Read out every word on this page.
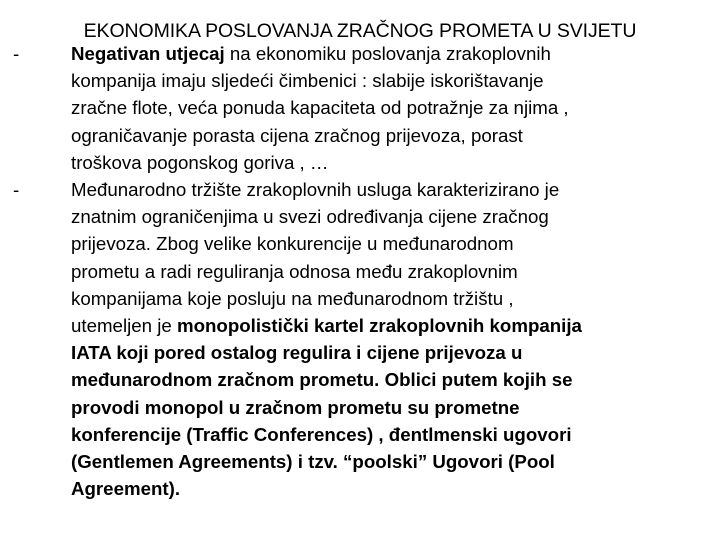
EKONOMIKA POSLOVANJA ZRAČNOG PROMETA U SVIJETU
-	Negativan utjecaj na ekonomiku poslovanja zrakoplovnih
kompanija imaju sljedeći čimbenici : slabije iskorištavanje
zračne flote, veća ponuda kapaciteta od potražnje za njima ,
ograničavanje porasta cijena zračnog prijevoza, porast
troškova pogonskog goriva , …
-	Međunarodno tržište zrakoplovnih usluga karakterizirano je
znatnim ograničenjima u svezi određivanja cijene zračnog
prijevoza. Zbog velike konkurencije u međunarodnom
prometu a radi reguliranja odnosa među zrakoplovnim
kompanijama koje posluju na međunarodnom tržištu ,
utemeljen je monopolistički kartel zrakoplovnih kompanija
IATA koji pored ostalog regulira i cijene prijevoza u
međunarodnom zračnom prometu. Oblici putem kojih se
provodi monopol u zračnom prometu su prometne
konferencije (Traffic Conferences) , đentlmenski ugovori
(Gentlemen Agreements) i tzv. “poolski” Ugovori (Pool
Agreement).
